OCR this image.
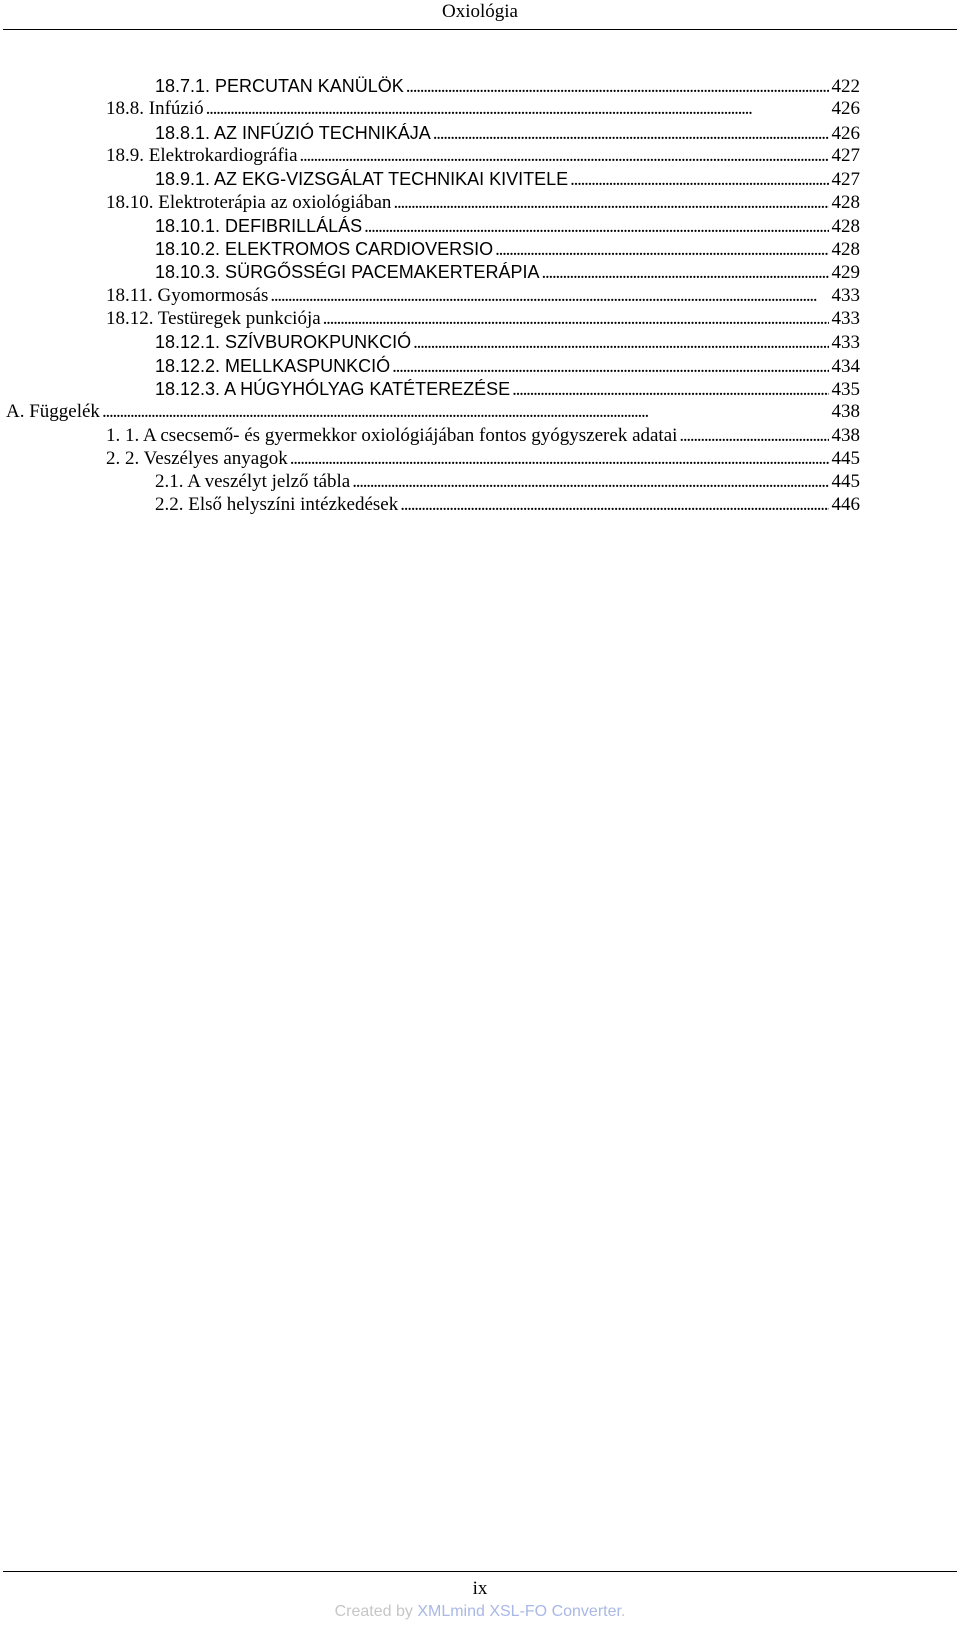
Oxiológia
18.7.1. PERCUTAN KANÜLÖK . . .	422
18.8. Infúzió . . .	426
18.8.1. AZ INFÚZIÓ TECHNIKÁJA . . .	426
18.9. Elektrokardiográfia . . .	427
18.9.1. AZ EKG-VIZSGÁLAT TECHNIKAI KIVITELE . . .	427
18.10. Elektroterápia az oxiológiában . . .	428
18.10.1. DEFIBRILLÁLÁS . . .	428
18.10.2. ELEKTROMOS CARDIOVERSIO . . .	428
18.10.3. SÜRGŐSSÉGI PACEMAKERTERÁPIA . . .	429
18.11. Gyomormosás . . .	433
18.12. Testüregek punkciója . . .	433
18.12.1. SZÍVBUROKPUNKCIÓ . . .	433
18.12.2. MELLKASPUNKCIÓ . . .	434
18.12.3. A HÚGYHÓLYAG KATÉTEREZÉSE . . .	435
A. Függelék . . .	438
1. 1. A csecsemő- és gyermekkor oxiológiájában fontos gyógyszerek adatai . . .	438
2. 2. Veszélyes anyagok . . .	445
2.1. A veszélyt jelző tábla . . .	445
2.2. Első helyszíni intézkedések . . .	446
ix
Created by XMLmind XSL-FO Converter.
